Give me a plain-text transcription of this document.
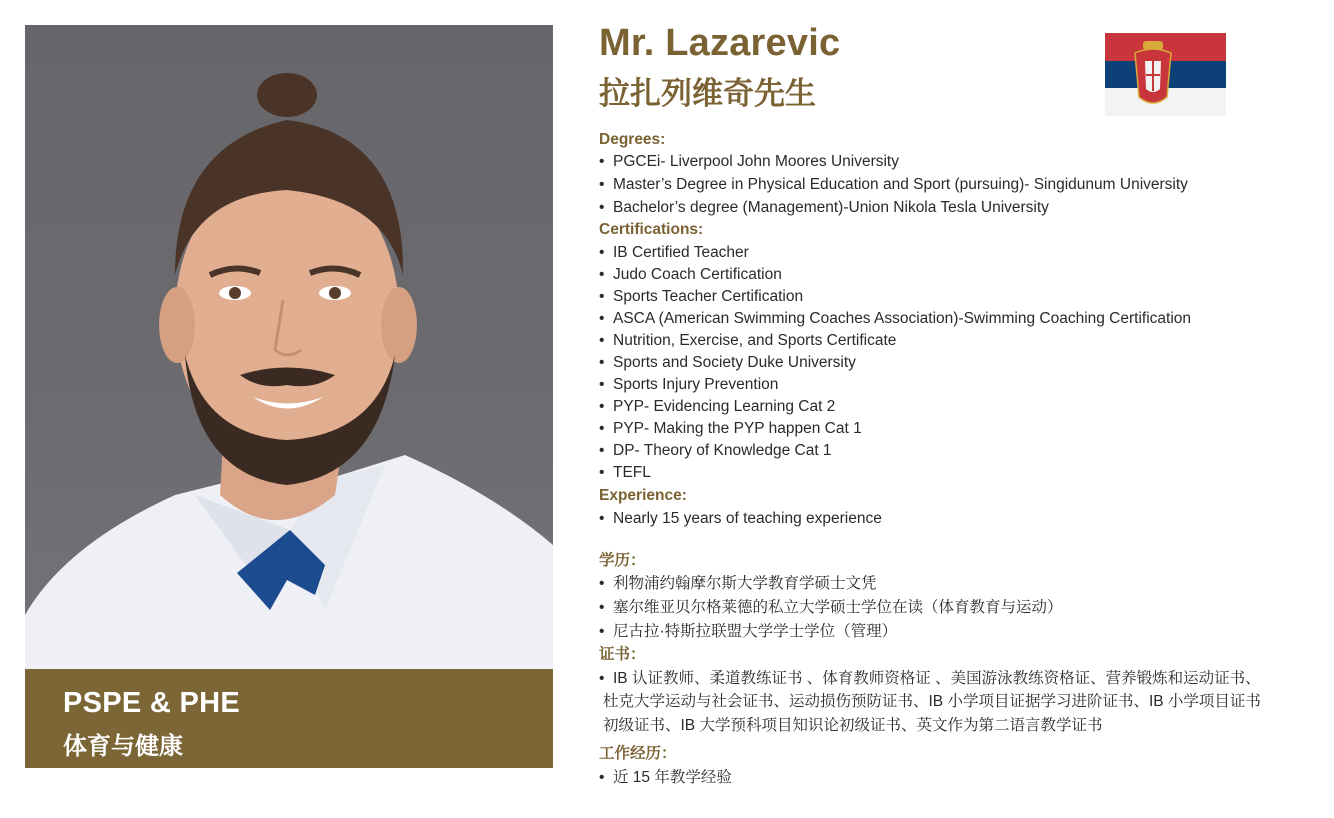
PSPE & PHE
体育与健康
Mr. Lazarevic
拉扎列维奇先生
Degrees:
• PGCEi- Liverpool John Moores University
• Master’s Degree in Physical Education and Sport (pursuing)- Singidunum University
• Bachelor’s degree (Management)-Union Nikola Tesla University
Certifications:
• IB Certified Teacher
• Judo Coach Certification
• Sports Teacher Certification
• ASCA (American Swimming Coaches Association)-Swimming Coaching Certification
• Nutrition, Exercise, and Sports Certificate
• Sports and Society Duke University
• Sports Injury Prevention
• PYP- Evidencing Learning Cat 2
• PYP- Making the PYP happen Cat 1
• DP- Theory of Knowledge Cat 1
• TEFL
Experience:
• Nearly 15 years of teaching experience
学历：
• 利物浦约翰摩尔斯大学教育学硕士文凭
• 塞尔维亚贝尔格莱德的私立大学硕士学位在读（体育教育与运动）
• 尼古拉·特斯拉联盟大学学士学位（管理）
证书：
• IB 认证教师、柔道教练证书 、体育教师资格证 、美国游泳教练资格证、营养锻炼和运动证书、
杜克大学运动与社会证书、运动损伤预防证书、IB 小学项目证据学习进阶证书、IB 小学项目证书
初级证书、IB 大学预科项目知识论初级证书、英文作为第二语言教学证书
工作经历：
• 近 15 年教学经验
